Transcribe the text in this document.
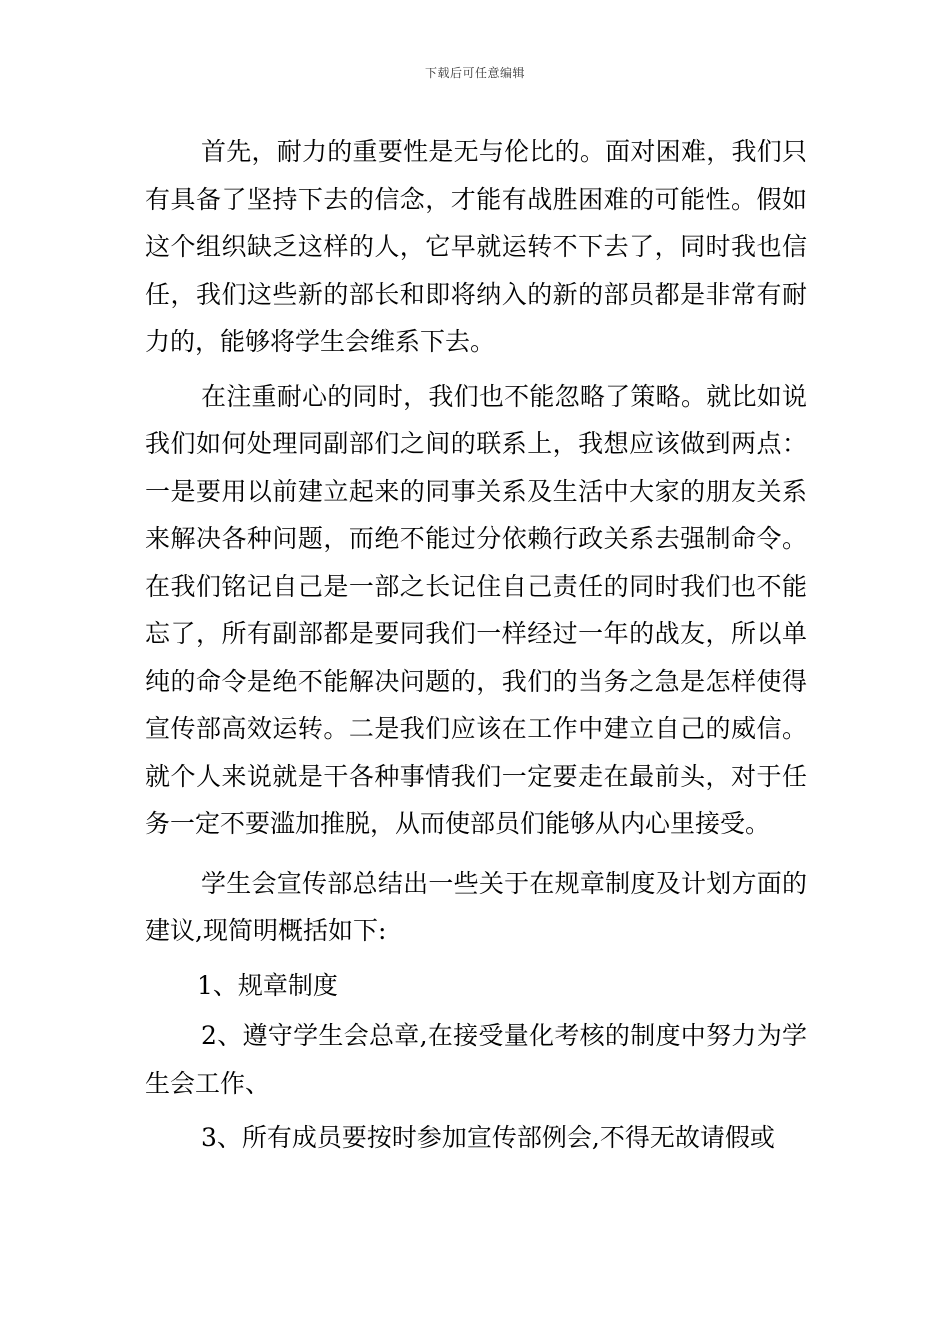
下载后可任意编辑

首先，耐力的重要性是无与伦比的。面对困难，我们只有具备了坚持下去的信念，才能有战胜困难的可能性。假如这个组织缺乏这样的人，它早就运转不下去了，同时我也信任，我们这些新的部长和即将纳入的新的部员都是非常有耐力的，能够将学生会维系下去。

在注重耐心的同时，我们也不能忽略了策略。就比如说我们如何处理同副部们之间的联系上，我想应该做到两点：一是要用以前建立起来的同事关系及生活中大家的朋友关系来解决各种问题，而绝不能过分依赖行政关系去强制命令。在我们铭记自己是一部之长记住自己责任的同时我们也不能忘了，所有副部都是要同我们一样经过一年的战友，所以单纯的命令是绝不能解决问题的，我们的当务之急是怎样使得宣传部高效运转。二是我们应该在工作中建立自己的威信。就个人来说就是干各种事情我们一定要走在最前头，对于任务一定不要滥加推脱，从而使部员们能够从内心里接受。

学生会宣传部总结出一些关于在规章制度及计划方面的建议,现简明概括如下:

1、规章制度

2、遵守学生会总章,在接受量化考核的制度中努力为学生会工作、

3、所有成员要按时参加宣传部例会,不得无故请假或
